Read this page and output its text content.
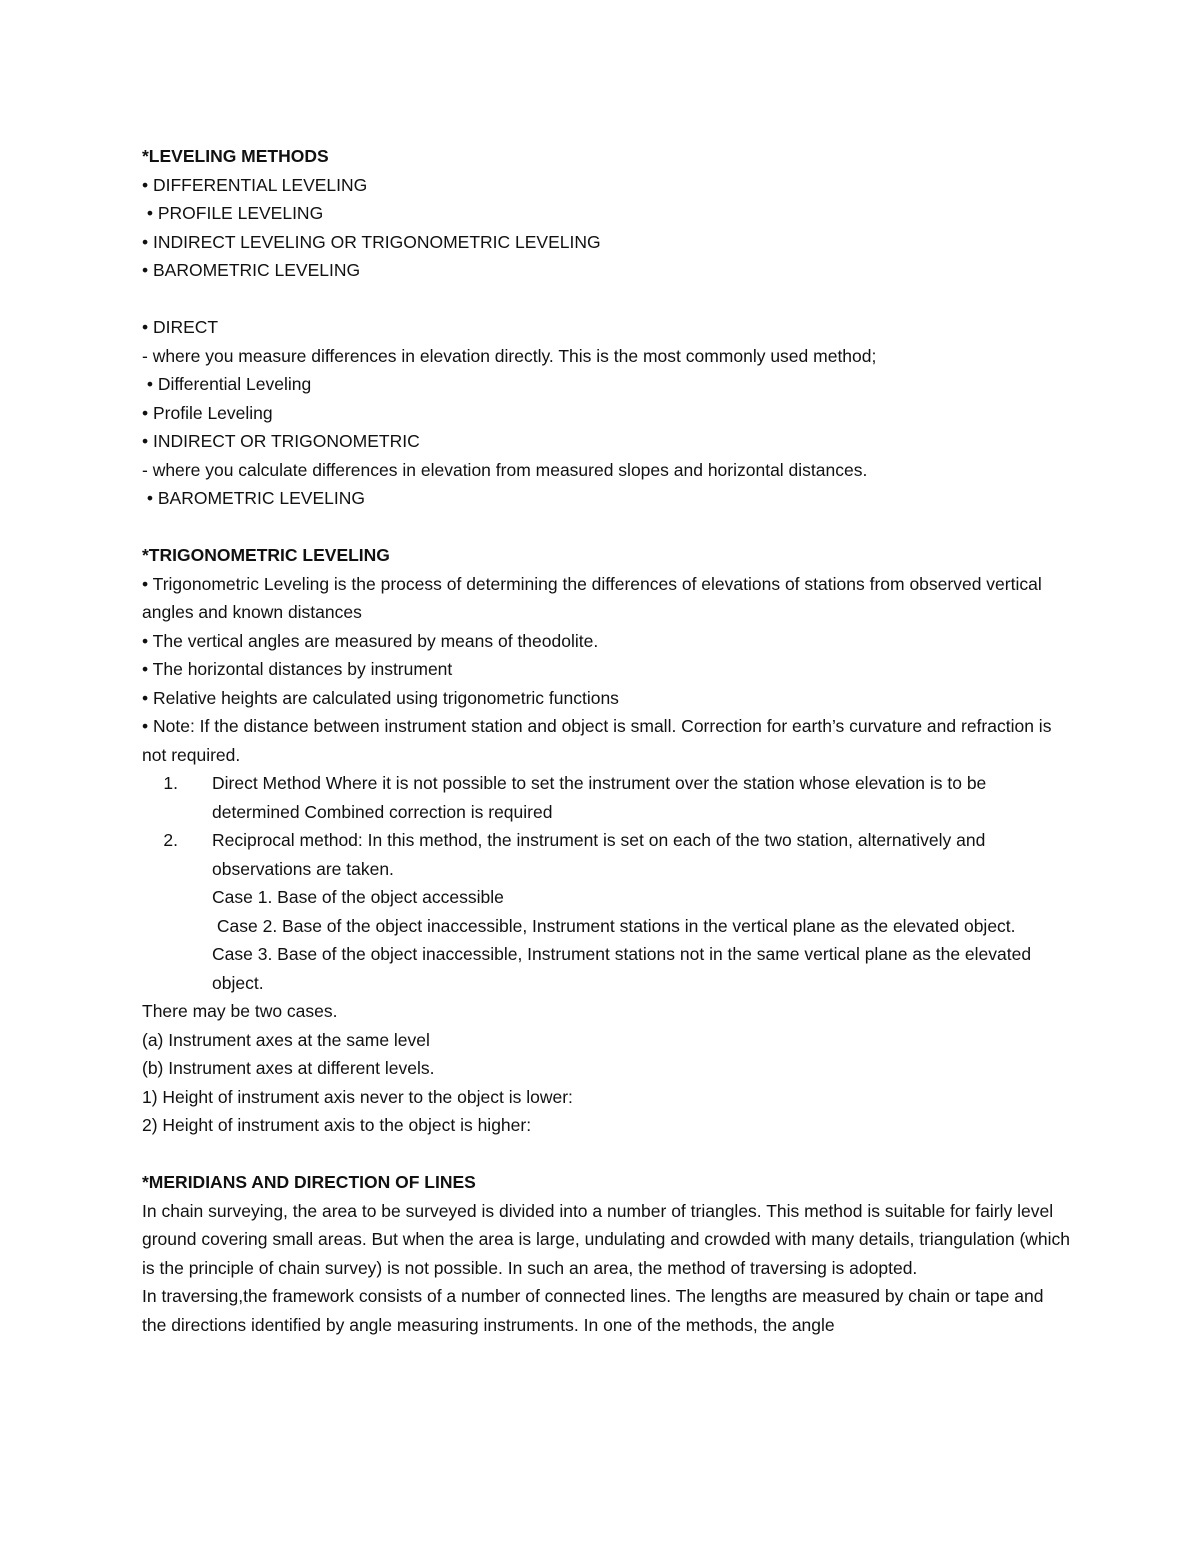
*LEVELING METHODS

• DIFFERENTIAL LEVELING

• PROFILE LEVELING

• INDIRECT LEVELING OR TRIGONOMETRIC LEVELING

• BAROMETRIC LEVELING

• DIRECT

- where you measure differences in elevation directly. This is the most commonly used method;

• Differential Leveling

• Profile Leveling

• INDIRECT OR TRIGONOMETRIC

- where you calculate differences in elevation from measured slopes and horizontal distances.

• BAROMETRIC LEVELING

*TRIGONOMETRIC LEVELING

• Trigonometric Leveling is the process of determining the differences of elevations of stations from observed vertical angles and known distances

• The vertical angles are measured by means of theodolite.

• The horizontal distances by instrument

• Relative heights are calculated using trigonometric functions

• Note: If the distance between instrument station and object is small. Correction for earth’s curvature and refraction is not required.

1.	Direct Method Where it is not possible to set the instrument over the station whose elevation is to be determined Combined correction is required
2.	Reciprocal method: In this method, the instrument is set on each of the two station, alternatively and observations are taken.

Case 1. Base of the object accessible

Case 2. Base of the object inaccessible, Instrument stations in the vertical plane as the elevated object.

Case 3. Base of the object inaccessible, Instrument stations not in the same vertical plane as the elevated object.

There may be two cases.

(a) Instrument axes at the same level

(b) Instrument axes at different levels.

1) Height of instrument axis never to the object is lower:

2) Height of instrument axis to the object is higher:

*MERIDIANS AND DIRECTION OF LINES

In chain surveying, the area to be surveyed is divided into a number of triangles. This method is suitable for fairly level ground covering small areas. But when the area is large, undulating and crowded with many details, triangulation (which is the principle of chain survey) is not possible. In such an area, the method of traversing is adopted.

In traversing,the framework consists of a number of connected lines. The lengths are measured by chain or tape and the directions identified by angle measuring instruments. In one of the methods, the angle
